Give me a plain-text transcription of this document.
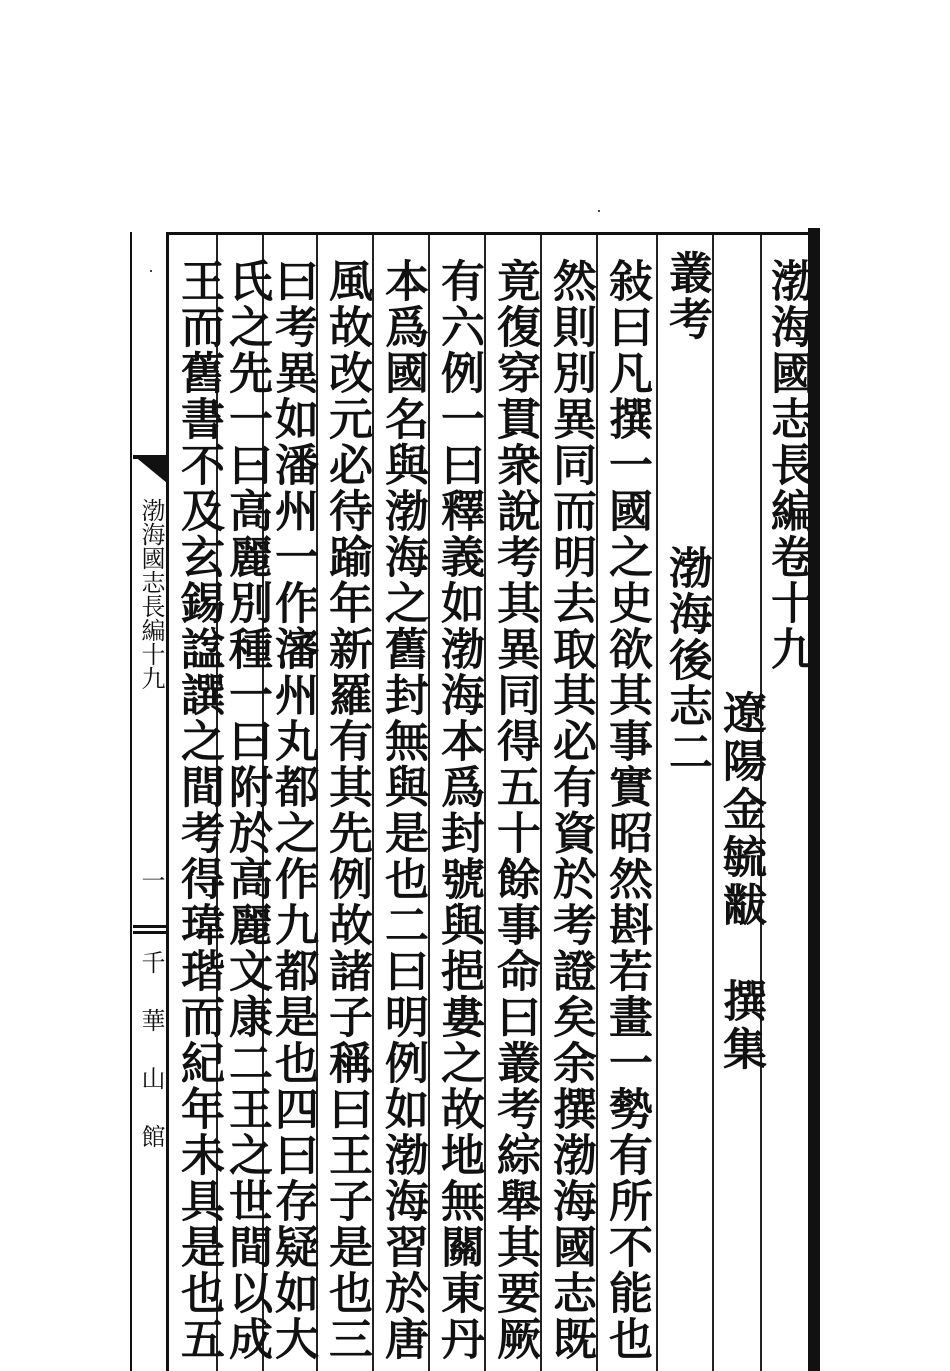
渤海國志長編卷十九
遼陽金毓黻　撰集
渤海後志二
叢考
敍曰凡撰一國之史欲其事實昭然斟若畫一勢有所不能也
然則別異同而明去取其必有資於考證矣余撰渤海國志既
竟復穿貫衆說考其異同得五十餘事命曰叢考綜舉其要厥
有六例一曰釋義如渤海本爲封號與挹婁之故地無關東丹
本爲國名與渤海之舊封無與是也二曰明例如渤海習於唐
風故改元必待踰年新羅有其先例故諸子稱曰王子是也三
曰考異如潘州一作瀋州丸都之作九都是也四曰存疑如大
氏之先一曰高麗別種一曰附於高麗文康二王之世間以成
王而舊書不及玄錫諡譔之間考得瑋瑎而紀年未具是也五
渤海國志長編十九
一
千華山館
